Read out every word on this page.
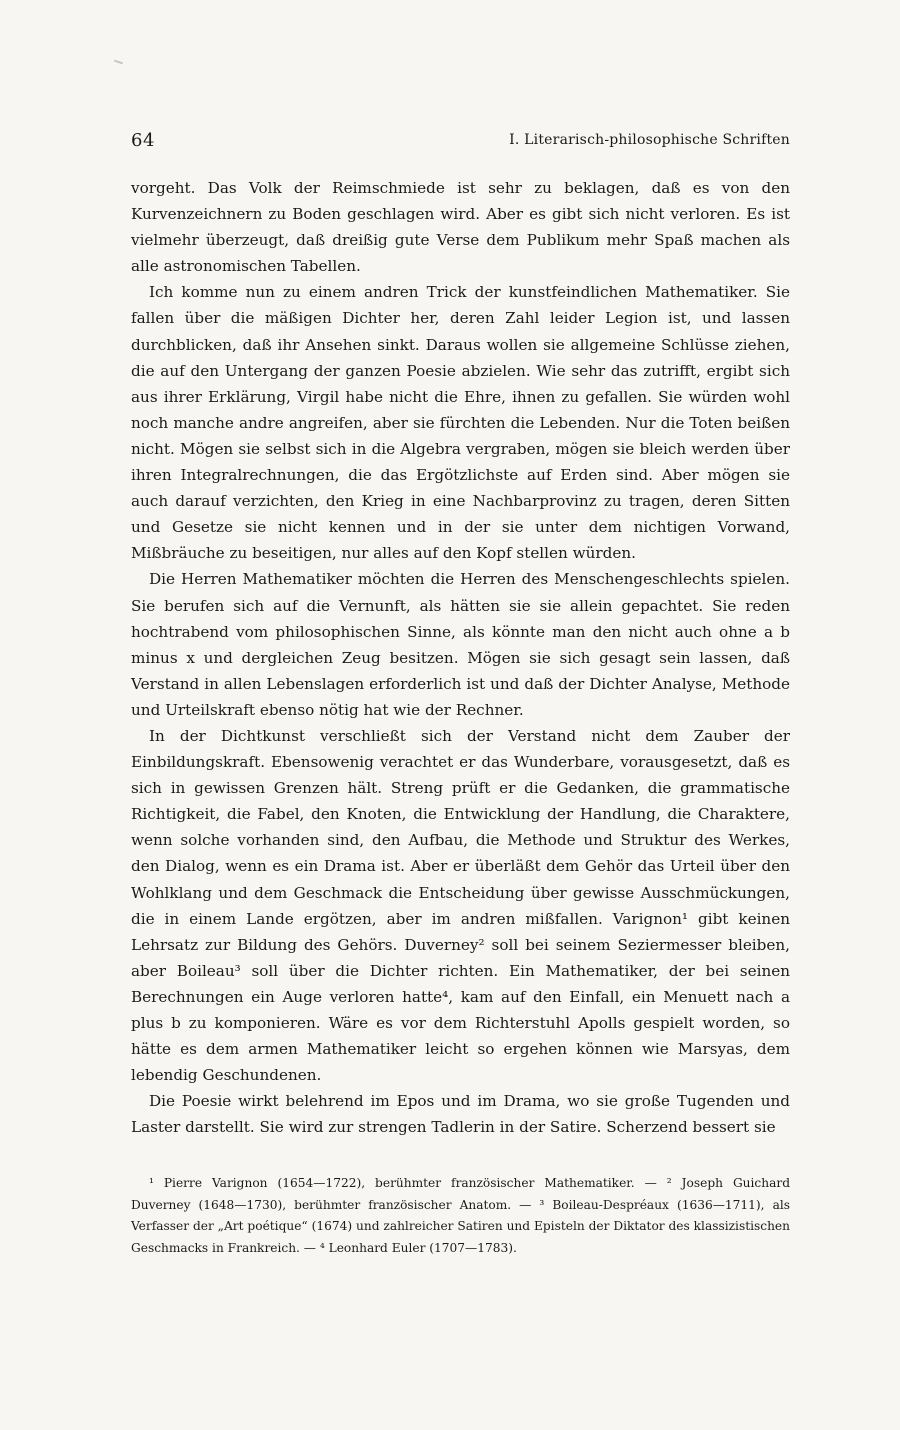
64	I. Literarisch-philosophische Schriften

vorgeht. Das Volk der Reimschmiede ist sehr zu beklagen, daß es von den Kurvenzeichnern zu Boden geschlagen wird. Aber es gibt sich nicht verloren. Es ist vielmehr überzeugt, daß dreißig gute Verse dem Publikum mehr Spaß machen als alle astronomischen Tabellen.

Ich komme nun zu einem andren Trick der kunstfeindlichen Mathematiker. Sie fallen über die mäßigen Dichter her, deren Zahl leider Legion ist, und lassen durchblicken, daß ihr Ansehen sinkt. Daraus wollen sie allgemeine Schlüsse ziehen, die auf den Untergang der ganzen Poesie abzielen. Wie sehr das zutrifft, ergibt sich aus ihrer Erklärung, Virgil habe nicht die Ehre, ihnen zu gefallen. Sie würden wohl noch manche andre angreifen, aber sie fürchten die Lebenden. Nur die Toten beißen nicht. Mögen sie selbst sich in die Algebra vergraben, mögen sie bleich werden über ihren Integralrechnungen, die das Ergötzlichste auf Erden sind. Aber mögen sie auch darauf verzichten, den Krieg in eine Nachbarprovinz zu tragen, deren Sitten und Gesetze sie nicht kennen und in der sie unter dem nichtigen Vorwand, Mißbräuche zu beseitigen, nur alles auf den Kopf stellen würden.

Die Herren Mathematiker möchten die Herren des Menschengeschlechts spielen. Sie berufen sich auf die Vernunft, als hätten sie sie allein gepachtet. Sie reden hochtrabend vom philosophischen Sinne, als könnte man den nicht auch ohne a b minus x und dergleichen Zeug besitzen. Mögen sie sich gesagt sein lassen, daß Verstand in allen Lebenslagen erforderlich ist und daß der Dichter Analyse, Methode und Urteilskraft ebenso nötig hat wie der Rechner.

In der Dichtkunst verschließt sich der Verstand nicht dem Zauber der Einbildungskraft. Ebensowenig verachtet er das Wunderbare, vorausgesetzt, daß es sich in gewissen Grenzen hält. Streng prüft er die Gedanken, die grammatische Richtigkeit, die Fabel, den Knoten, die Entwicklung der Handlung, die Charaktere, wenn solche vorhanden sind, den Aufbau, die Methode und Struktur des Werkes, den Dialog, wenn es ein Drama ist. Aber er überläßt dem Gehör das Urteil über den Wohlklang und dem Geschmack die Entscheidung über gewisse Ausschmückungen, die in einem Lande ergötzen, aber im andren mißfallen. Varignon¹ gibt keinen Lehrsatz zur Bildung des Gehörs. Duverney² soll bei seinem Seziermesser bleiben, aber Boileau³ soll über die Dichter richten. Ein Mathematiker, der bei seinen Berechnungen ein Auge verloren hatte⁴, kam auf den Einfall, ein Menuett nach a plus b zu komponieren. Wäre es vor dem Richterstuhl Apolls gespielt worden, so hätte es dem armen Mathematiker leicht so ergehen können wie Marsyas, dem lebendig Geschundenen.

Die Poesie wirkt belehrend im Epos und im Drama, wo sie große Tugenden und Laster darstellt. Sie wird zur strengen Tadlerin in der Satire. Scherzend bessert sie

¹ Pierre Varignon (1654—1722), berühmter französischer Mathematiker. — ² Joseph Guichard Duverney (1648—1730), berühmter französischer Anatom. — ³ Boileau-Despréaux (1636—1711), als Verfasser der „Art poétique“ (1674) und zahlreicher Satiren und Episteln der Diktator des klassizistischen Geschmacks in Frankreich. — ⁴ Leonhard Euler (1707—1783).
